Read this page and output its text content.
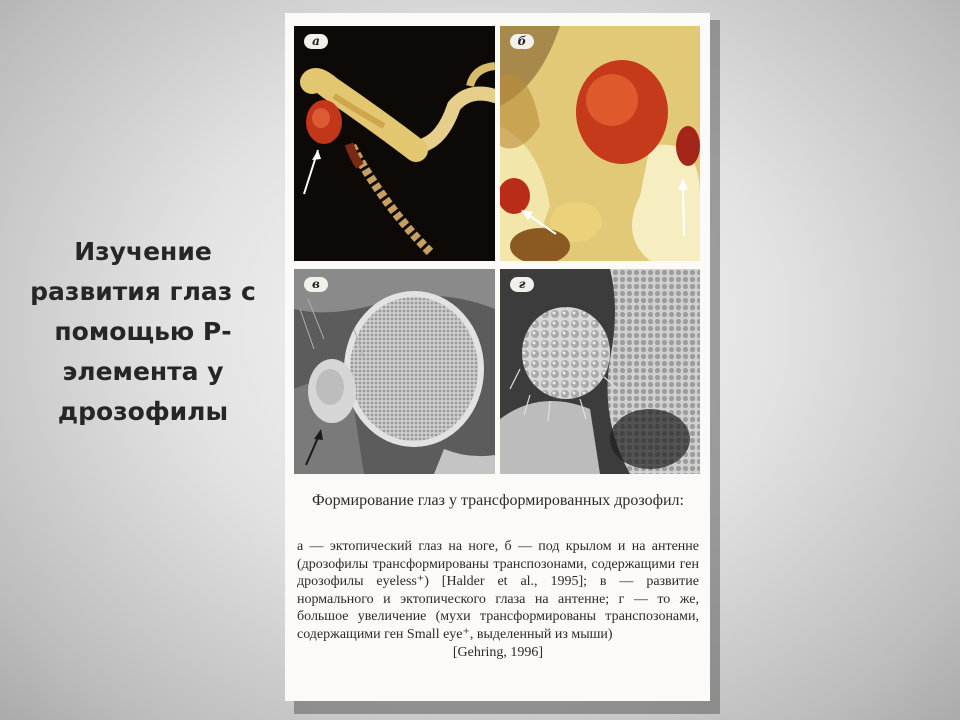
Изучение развития глаз с помощью Р-элемента у дрозофилы
а	б
в	г
Формирование глаз у трансформированных дрозофил:
а — эктопический глаз на ноге, б — под крылом и на антенне (дрозофилы трансформированы транспозонами, содержащими ген дрозофилы eyeless⁺) [Halder et al., 1995]; в — развитие нормального и эктопического глаза на антенне; г — то же, большое увеличение (мухи трансформированы транспозонами, содержащими ген Small eye⁺, выделенный из мыши)
[Gehring, 1996]
